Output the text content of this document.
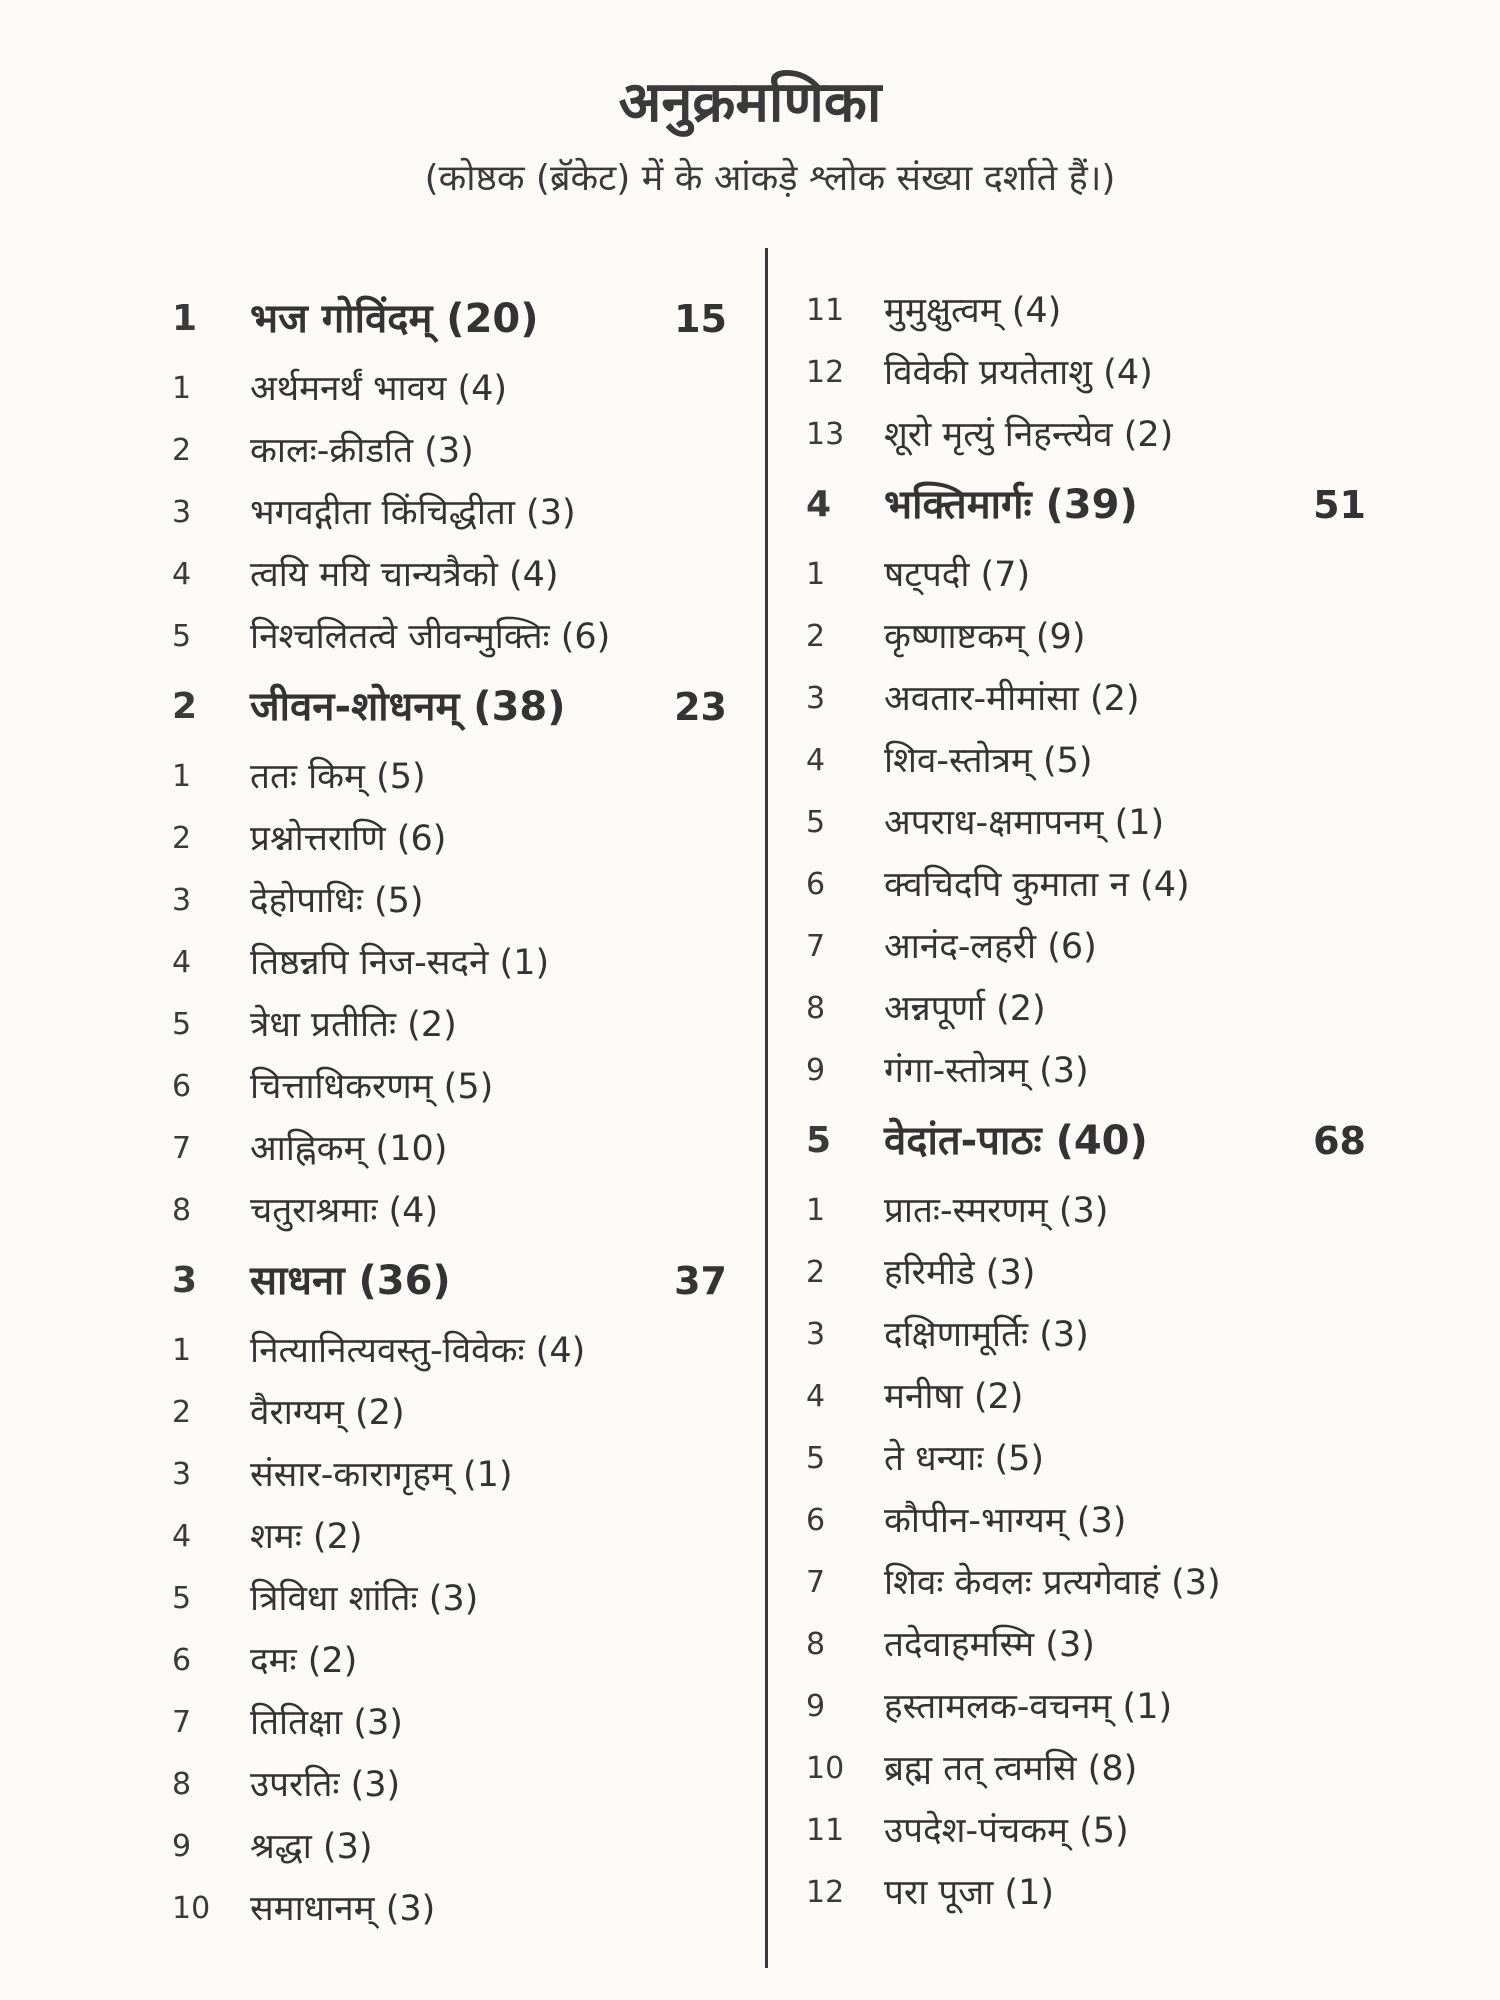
अनुक्रमणिका
(कोष्ठक (ब्रॅकेट) में के आंकड़े श्लोक संख्या दर्शाते हैं।)
1	भज गोविंदम् (20)	15
1	अर्थमनर्थं भावय (4)
2	कालः-क्रीडति (3)
3	भगवद्गीता किंचिद्धीता (3)
4	त्वयि मयि चान्यत्रैको (4)
5	निश्चलितत्वे जीवन्मुक्तिः (6)
2	जीवन-शोधनम् (38)	23
1	ततः किम् (5)
2	प्रश्नोत्तराणि (6)
3	देहोपाधिः (5)
4	तिष्ठन्नपि निज-सदने (1)
5	त्रेधा प्रतीतिः (2)
6	चित्ताधिकरणम् (5)
7	आह्निकम् (10)
8	चतुराश्रमाः (4)
3	साधना (36)	37
1	नित्यानित्यवस्तु-विवेकः (4)
2	वैराग्यम् (2)
3	संसार-कारागृहम् (1)
4	शमः (2)
5	त्रिविधा शांतिः (3)
6	दमः (2)
7	तितिक्षा (3)
8	उपरतिः (3)
9	श्रद्धा (3)
10	समाधानम् (3)
11	मुमुक्षुत्वम् (4)
12	विवेकी प्रयतेताशु (4)
13	शूरो मृत्युं निहन्त्येव (2)
4	भक्तिमार्गः (39)	51
1	षट्पदी (7)
2	कृष्णाष्टकम् (9)
3	अवतार-मीमांसा (2)
4	शिव-स्तोत्रम् (5)
5	अपराध-क्षमापनम् (1)
6	क्वचिदपि कुमाता न (4)
7	आनंद-लहरी (6)
8	अन्नपूर्णा (2)
9	गंगा-स्तोत्रम् (3)
5	वेदांत-पाठः (40)	68
1	प्रातः-स्मरणम् (3)
2	हरिमीडे (3)
3	दक्षिणामूर्तिः (3)
4	मनीषा (2)
5	ते धन्याः (5)
6	कौपीन-भाग्यम् (3)
7	शिवः केवलः प्रत्यगेवाहं (3)
8	तदेवाहमस्मि (3)
9	हस्तामलक-वचनम् (1)
10	ब्रह्म तत् त्वमसि (8)
11	उपदेश-पंचकम् (5)
12	परा पूजा (1)
